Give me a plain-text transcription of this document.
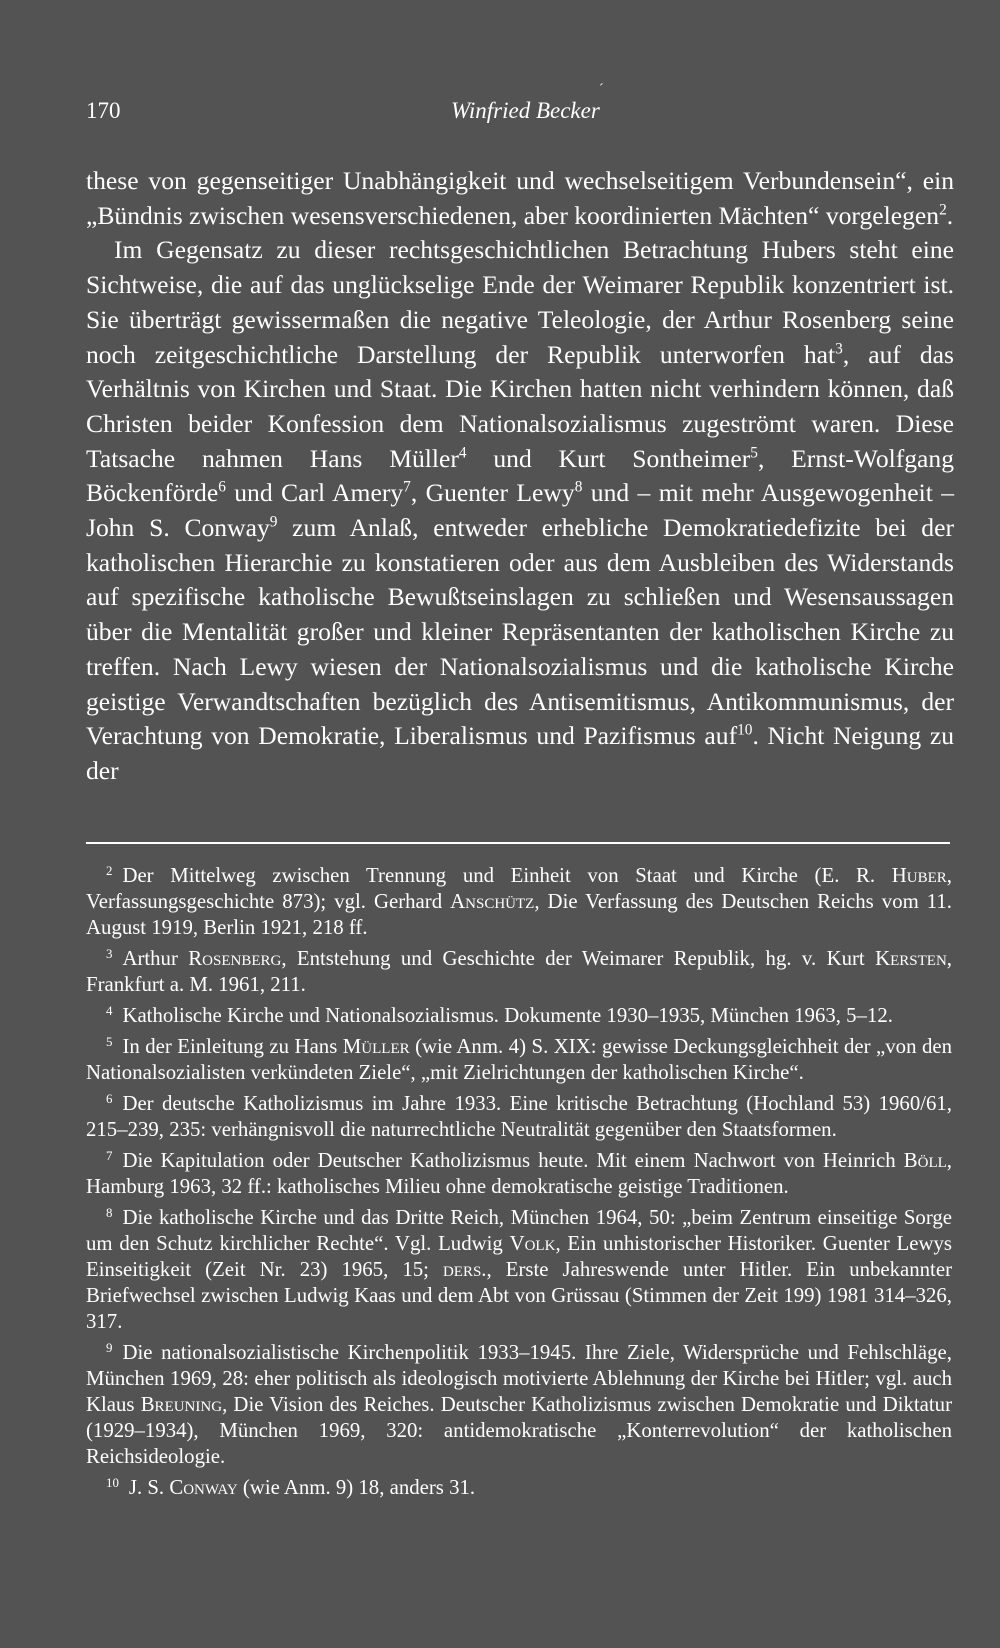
170	Winfried Becker
ˊ

these von gegenseitiger Unabhängigkeit und wechselseitigem Verbundensein“, ein „Bündnis zwischen wesensverschiedenen, aber koordinierten Mächten“ vorgelegen$^2$.

Im Gegensatz zu dieser rechtsgeschichtlichen Betrachtung Hubers steht eine Sichtweise, die auf das unglückselige Ende der Weimarer Republik konzentriert ist. Sie überträgt gewissermaßen die negative Teleologie, der Arthur Rosenberg seine noch zeitgeschichtliche Darstellung der Republik unterworfen hat$^3$, auf das Verhältnis von Kirchen und Staat. Die Kirchen hatten nicht verhindern können, daß Christen beider Konfession dem Nationalsozialismus zugeströmt waren. Diese Tatsache nahmen Hans Müller$^4$ und Kurt Sontheimer$^5$, Ernst-Wolfgang Böckenförde$^6$ und Carl Amery$^7$, Guenter Lewy$^8$ und – mit mehr Ausgewogenheit – John S. Conway$^9$ zum Anlaß, entweder erhebliche Demokratiedefizite bei der katholischen Hierarchie zu konstatieren oder aus dem Ausbleiben des Widerstands auf spezifische katholische Bewußtseinslagen zu schließen und Wesensaussagen über die Mentalität großer und kleiner Repräsentanten der katholischen Kirche zu treffen. Nach Lewy wiesen der Nationalsozialismus und die katholische Kirche geistige Verwandtschaften bezüglich des Antisemitismus, Antikommunismus, der Verachtung von Demokratie, Liberalismus und Pazifismus auf$^{10}$. Nicht Neigung zu der

$^2$ Der Mittelweg zwischen Trennung und Einheit von Staat und Kirche (E. R. Huber, Verfassungsgeschichte 873); vgl. Gerhard Anschütz, Die Verfassung des Deutschen Reichs vom 11. August 1919, Berlin 1921, 218 ff.

$^3$ Arthur Rosenberg, Entstehung und Geschichte der Weimarer Republik, hg. v. Kurt Kersten, Frankfurt a. M. 1961, 211.

$^4$ Katholische Kirche und Nationalsozialismus. Dokumente 1930–1935, München 1963, 5–12.

$^5$ In der Einleitung zu Hans Müller (wie Anm. 4) S. XIX: gewisse Deckungsgleichheit der „von den Nationalsozialisten verkündeten Ziele“, „mit Zielrichtungen der katholischen Kirche“.

$^6$ Der deutsche Katholizismus im Jahre 1933. Eine kritische Betrachtung (Hochland 53) 1960/61, 215–239, 235: verhängnisvoll die naturrechtliche Neutralität gegenüber den Staatsformen.

$^7$ Die Kapitulation oder Deutscher Katholizismus heute. Mit einem Nachwort von Heinrich Böll, Hamburg 1963, 32 ff.: katholisches Milieu ohne demokratische geistige Traditionen.

$^8$ Die katholische Kirche und das Dritte Reich, München 1964, 50: „beim Zentrum einseitige Sorge um den Schutz kirchlicher Rechte“. Vgl. Ludwig Volk, Ein unhistorischer Historiker. Guenter Lewys Einseitigkeit (Zeit Nr. 23) 1965, 15; ders., Erste Jahreswende unter Hitler. Ein unbekannter Briefwechsel zwischen Ludwig Kaas und dem Abt von Grüssau (Stimmen der Zeit 199) 1981 314–326, 317.

$^9$ Die nationalsozialistische Kirchenpolitik 1933–1945. Ihre Ziele, Widersprüche und Fehlschläge, München 1969, 28: eher politisch als ideologisch motivierte Ablehnung der Kirche bei Hitler; vgl. auch Klaus Breuning, Die Vision des Reiches. Deutscher Katholizismus zwischen Demokratie und Diktatur (1929–1934), München 1969, 320: antidemokratische „Konterrevolution“ der katholischen Reichsideologie.

$^{10}$ J. S. Conway (wie Anm. 9) 18, anders 31.
